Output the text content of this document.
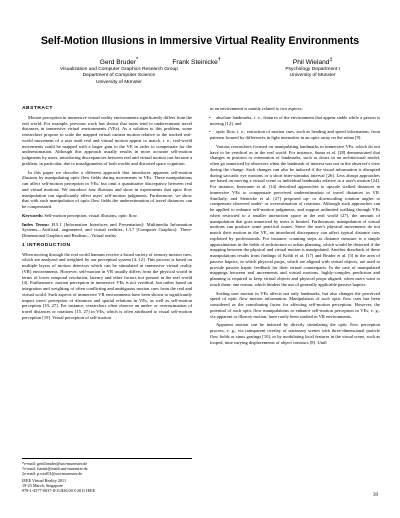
Self-Motion Illusions in Immersive Virtual Reality Environments
Gerd Bruder*
Visualization and Computer Graphics Research Group
Department of Computer Science
University of Münster
Frank Steinicke†	Phil Wieland‡
Psychology Department I
University of Münster
ABSTRACT

Motion perception in immersive virtual reality environments significantly differs from the real world. For example, previous work has shown that users tend to underestimate travel distances in immersive virtual environments (VEs). As a solution to this problem, some researchers propose to scale the mapped virtual camera motion relative to the tracked real-world movement of a user until real and virtual motion appear to match, i. e., real-world movements could be mapped with a larger gain to the VE in order to compensate for the underestimation. Although this approach usually results in more accurate self-motion judgments by users, introducing discrepancies between real and virtual motion can become a problem, in particular, due to misalignments of both worlds and distorted space cognition.

In this paper we describe a different approach that introduces apparent self-motion illusions by manipulating optic flow fields during movements in VEs. These manipulations can affect self-motion perception in VEs, but omit a quantitative discrepancy between real and virtual motions. We introduce four illusions and show in experiments that optic flow manipulation can significantly affect users' self-motion judgments. Furthermore, we show that with such manipulation of optic flow fields the underestimation of travel distances can be compensated.

Keywords: Self-motion perception, visual illusions, optic flow.

Index Terms: H.5.1 [Information Interfaces and Presentation]: Multimedia Information Systems—Artificial, augmented, and virtual realities; I.3.7 [Computer Graphics]: Three-Dimensional Graphics and Realism—Virtual reality

1 INTRODUCTION

When moving through the real world humans receive a broad variety of sensory motion cues, which are analyzed and weighted by our perceptual system [4, 12]. This process is based on multiple layers of motion detectors which can be stimulated in immersive virtual reality (VR) environments. However, self-motion in VR usually differs from the physical world in terms of lower temporal resolution, latency and other factors not present in the real world [4]. Furthermore, motion perception in immersive VEs is not veridical, but rather based on integration and weighting of often conflicting and ambiguous motion cues from the real and virtual world. Such aspects of immersive VR environments have been shown to significantly impact users' perception of distances and spatial relations in VEs, as well as self-motion perception [19, 27]. For instance, researchers often observe an under- or overestimation of travel distances or rotations [15, 27] in VEs, which is often attributed to visual self-motion perception [19]. Visual perception of self-motion

*e-mail: gerd.bruder@uni-muenster.de
†e-mail: fsteini@math.uni-muenster.de
‡e-mail: p.wiel01@uni-muenster.de
IEEE Virtual Reality 2011
19-23 March, Singapore
978-1-4577-0037-8/11/$26.00 ©2011 IEEE

in an environment is mainly related to two aspects:

• absolute landmarks, i. e., features of the environment that appear stable while a person is moving [12], and

• optic flow, i. e., extraction of motion cues, such as heading and speed information, from patterns formed by differences in light intensities in an optic array on the retina [9].

Various researchers focused on manipulating landmarks in immersive VEs, which do not have to be veridical as in the real world. For instance, Suma et al. [28] demonstrated that changes in position or orientation of landmarks, such as doors in an architectural model, often go unnoticed by observers when the landmark of interest was not in the observer's view during the change. Such changes can also be induced if the visual information is disrupted during saccadic eye motions or a short inter-stimulus interval [26]. Less abrupt approaches are based on moving a virtual scene or individual landmarks relative to a user's motion [24]. For instance, Interrante et al. [14] described approaches to upscale walked distances in immersive VEs to compensate perceived underestimation of travel distances in VR. Similarly, and Steinicke et al. [27] proposed up- or downscaling rotation angles to compensate observed under- or overestimation of rotations. Although such approaches can be applied to enhance self-motion judgments, and support unlimited walking through VEs when restricted to a smaller interaction space in the real world [27], the amount of manipulation that goes unnoticed by users is limited. Furthermore, manipulation of virtual motions can produce some practical issues. Since the user's physical movements do not match their motion in the VE, an introduced discrepancy can affect typical distance cues exploited by professionals. For instance, counting steps as distance measure is a simple approximation in the fields of architecture or urban planning, which would be distorted if the mapping between the physical and virtual motion is manipulated. Another drawback of these manipulations results from findings of Kohli et al. [17] and Bruder et al. [5] in the area of passive haptics, in which physical props, which are aligned with virtual objects, are used to provide passive haptic feedback for their virtual counterparts. In the case of manipulated mappings between real movements and virtual motions, highly-complex prediction and planning is required to keep virtual objects and physical props aligned, when users want to touch them; one reason, which hinders the use of generally applicable passive haptics.

Scaling user motion in VEs affects not only landmarks, but also changes the perceived speed of optic flow motion information. Manipulation of such optic flow cues has been considered as the contributing factor for affecting self-motion perception. However, the potential of such optic flow manipulations to enhance self-motion perception in VEs, e. g., via apparent or illusory motion, have rarely been studied in VR environments.

Apparent motion can be induced by directly stimulating the optic flow perception process, e. g., via transparent overlay of stationary scenes with three-dimensional particle flow fields or sinus gratings [10], or by modulating local features in the visual scene, such as looped, time varying displacements of object contours [8]. Until

39
